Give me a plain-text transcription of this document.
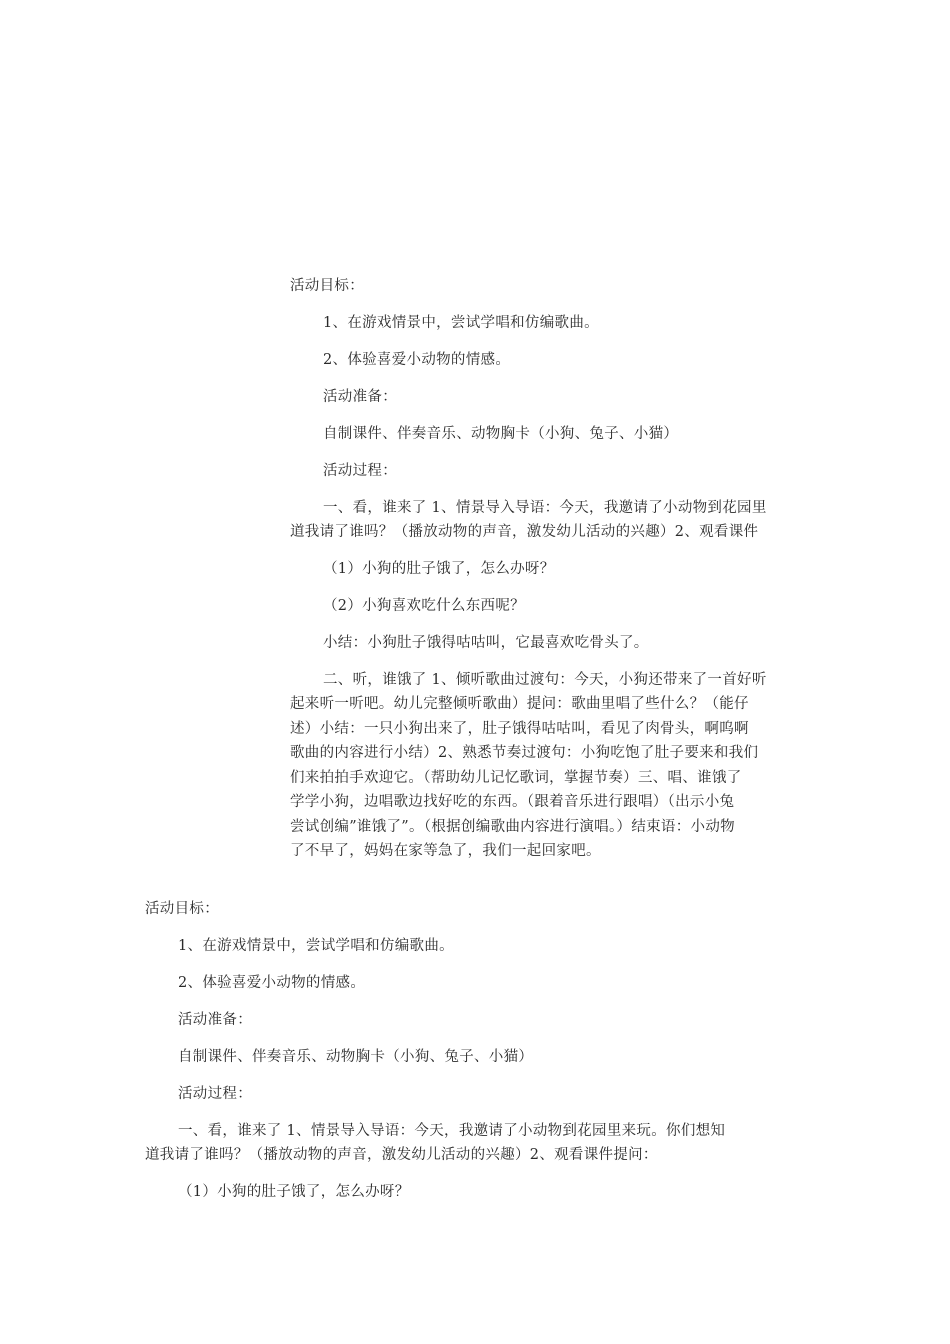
活动目标：
1、在游戏情景中，尝试学唱和仿编歌曲。
2、体验喜爱小动物的情感。
活动准备：
自制课件、伴奏音乐、动物胸卡（小狗、兔子、小猫）
活动过程：
一、看，谁来了 1、情景导入导语：今天，我邀请了小动物到花园里
道我请了谁吗？（播放动物的声音，激发幼儿活动的兴趣）2、观看课件
（1）小狗的肚子饿了，怎么办呀？
（2）小狗喜欢吃什么东西呢？
小结：小狗肚子饿得咕咕叫，它最喜欢吃骨头了。
二、听，谁饿了 1、倾听歌曲过渡句：今天，小狗还带来了一首好听
起来听一听吧。幼儿完整倾听歌曲）提问：歌曲里唱了些什么？（能仔
述）小结：一只小狗出来了，肚子饿得咕咕叫，看见了肉骨头，啊呜啊
歌曲的内容进行小结）2、熟悉节奏过渡句：小狗吃饱了肚子要来和我们
们来拍拍手欢迎它。（帮助幼儿记忆歌词，掌握节奏）三、唱、谁饿了
学学小狗，边唱歌边找好吃的东西。（跟着音乐进行跟唱）（出示小兔
尝试创编”谁饿了”。（根据创编歌曲内容进行演唱。）结束语：小动物
了不早了，妈妈在家等急了，我们一起回家吧。
活动目标：
1、在游戏情景中，尝试学唱和仿编歌曲。
2、体验喜爱小动物的情感。
活动准备：
自制课件、伴奏音乐、动物胸卡（小狗、兔子、小猫）
活动过程：
一、看，谁来了 1、情景导入导语：今天，我邀请了小动物到花园里来玩。你们想知
道我请了谁吗？（播放动物的声音，激发幼儿活动的兴趣）2、观看课件提问：
（1）小狗的肚子饿了，怎么办呀？
